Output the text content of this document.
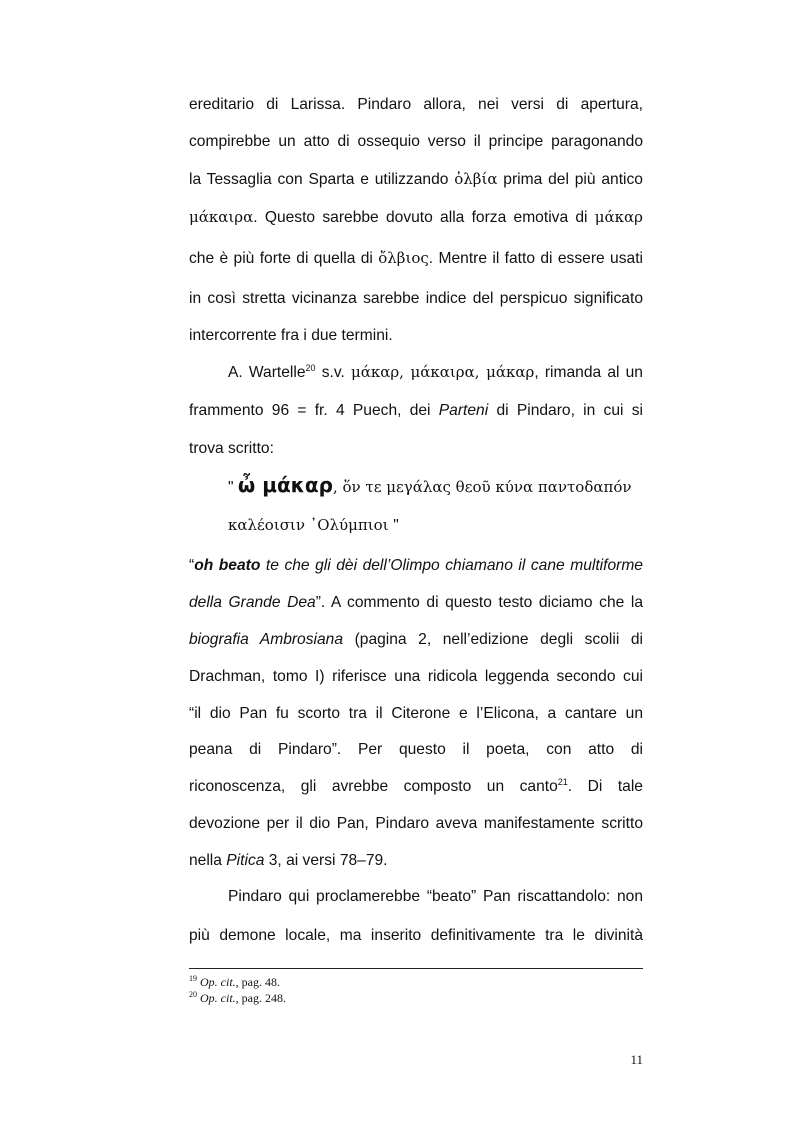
ereditario di Larissa. Pindaro allora, nei versi di apertura,
compirebbe un atto di ossequio verso il principe paragonando
la Tessaglia con Sparta e utilizzando ὀλβία prima del più antico
μάκαιρα. Questo sarebbe dovuto alla forza emotiva di μάκαρ
che è più forte di quella di ὄλβιος. Mentre il fatto di essere usati
in così stretta vicinanza sarebbe indice del perspicuo significato
intercorrente fra i due termini.
A. Wartelle$^{20}$ s.v. μάκαρ, μάκαιρα, μάκαρ, rimanda al un
frammento 96 = fr. 4 Puech, dei Parteni di Pindaro, in cui si
trova scritto:
" ὦ μάκαρ, ὅν τε μεγάλας θεοῦ κύνα παντοδαπόν
καλέοισιν ᾽Ολύμπιοι "
“oh beato te che gli dèi dell’Olimpo chiamano il cane multiforme
della Grande Dea”. A commento di questo testo diciamo che la
biografia Ambrosiana (pagina 2, nell’edizione degli scolii di
Drachman, tomo I) riferisce una ridicola leggenda secondo cui
“il dio Pan fu scorto tra il Citerone e l’Elicona, a cantare un
peana di Pindaro”. Per questo il poeta, con atto di
riconoscenza, gli avrebbe composto un canto$^{21}$. Di tale
devozione per il dio Pan, Pindaro aveva manifestamente scritto
nella Pitica 3, ai versi 78–79.
Pindaro qui proclamerebbe “beato” Pan riscattandolo: non
più demone locale, ma inserito definitivamente tra le divinità
$^{19}$ Op. cit., pag. 48.
$^{20}$ Op. cit., pag. 248.
11
